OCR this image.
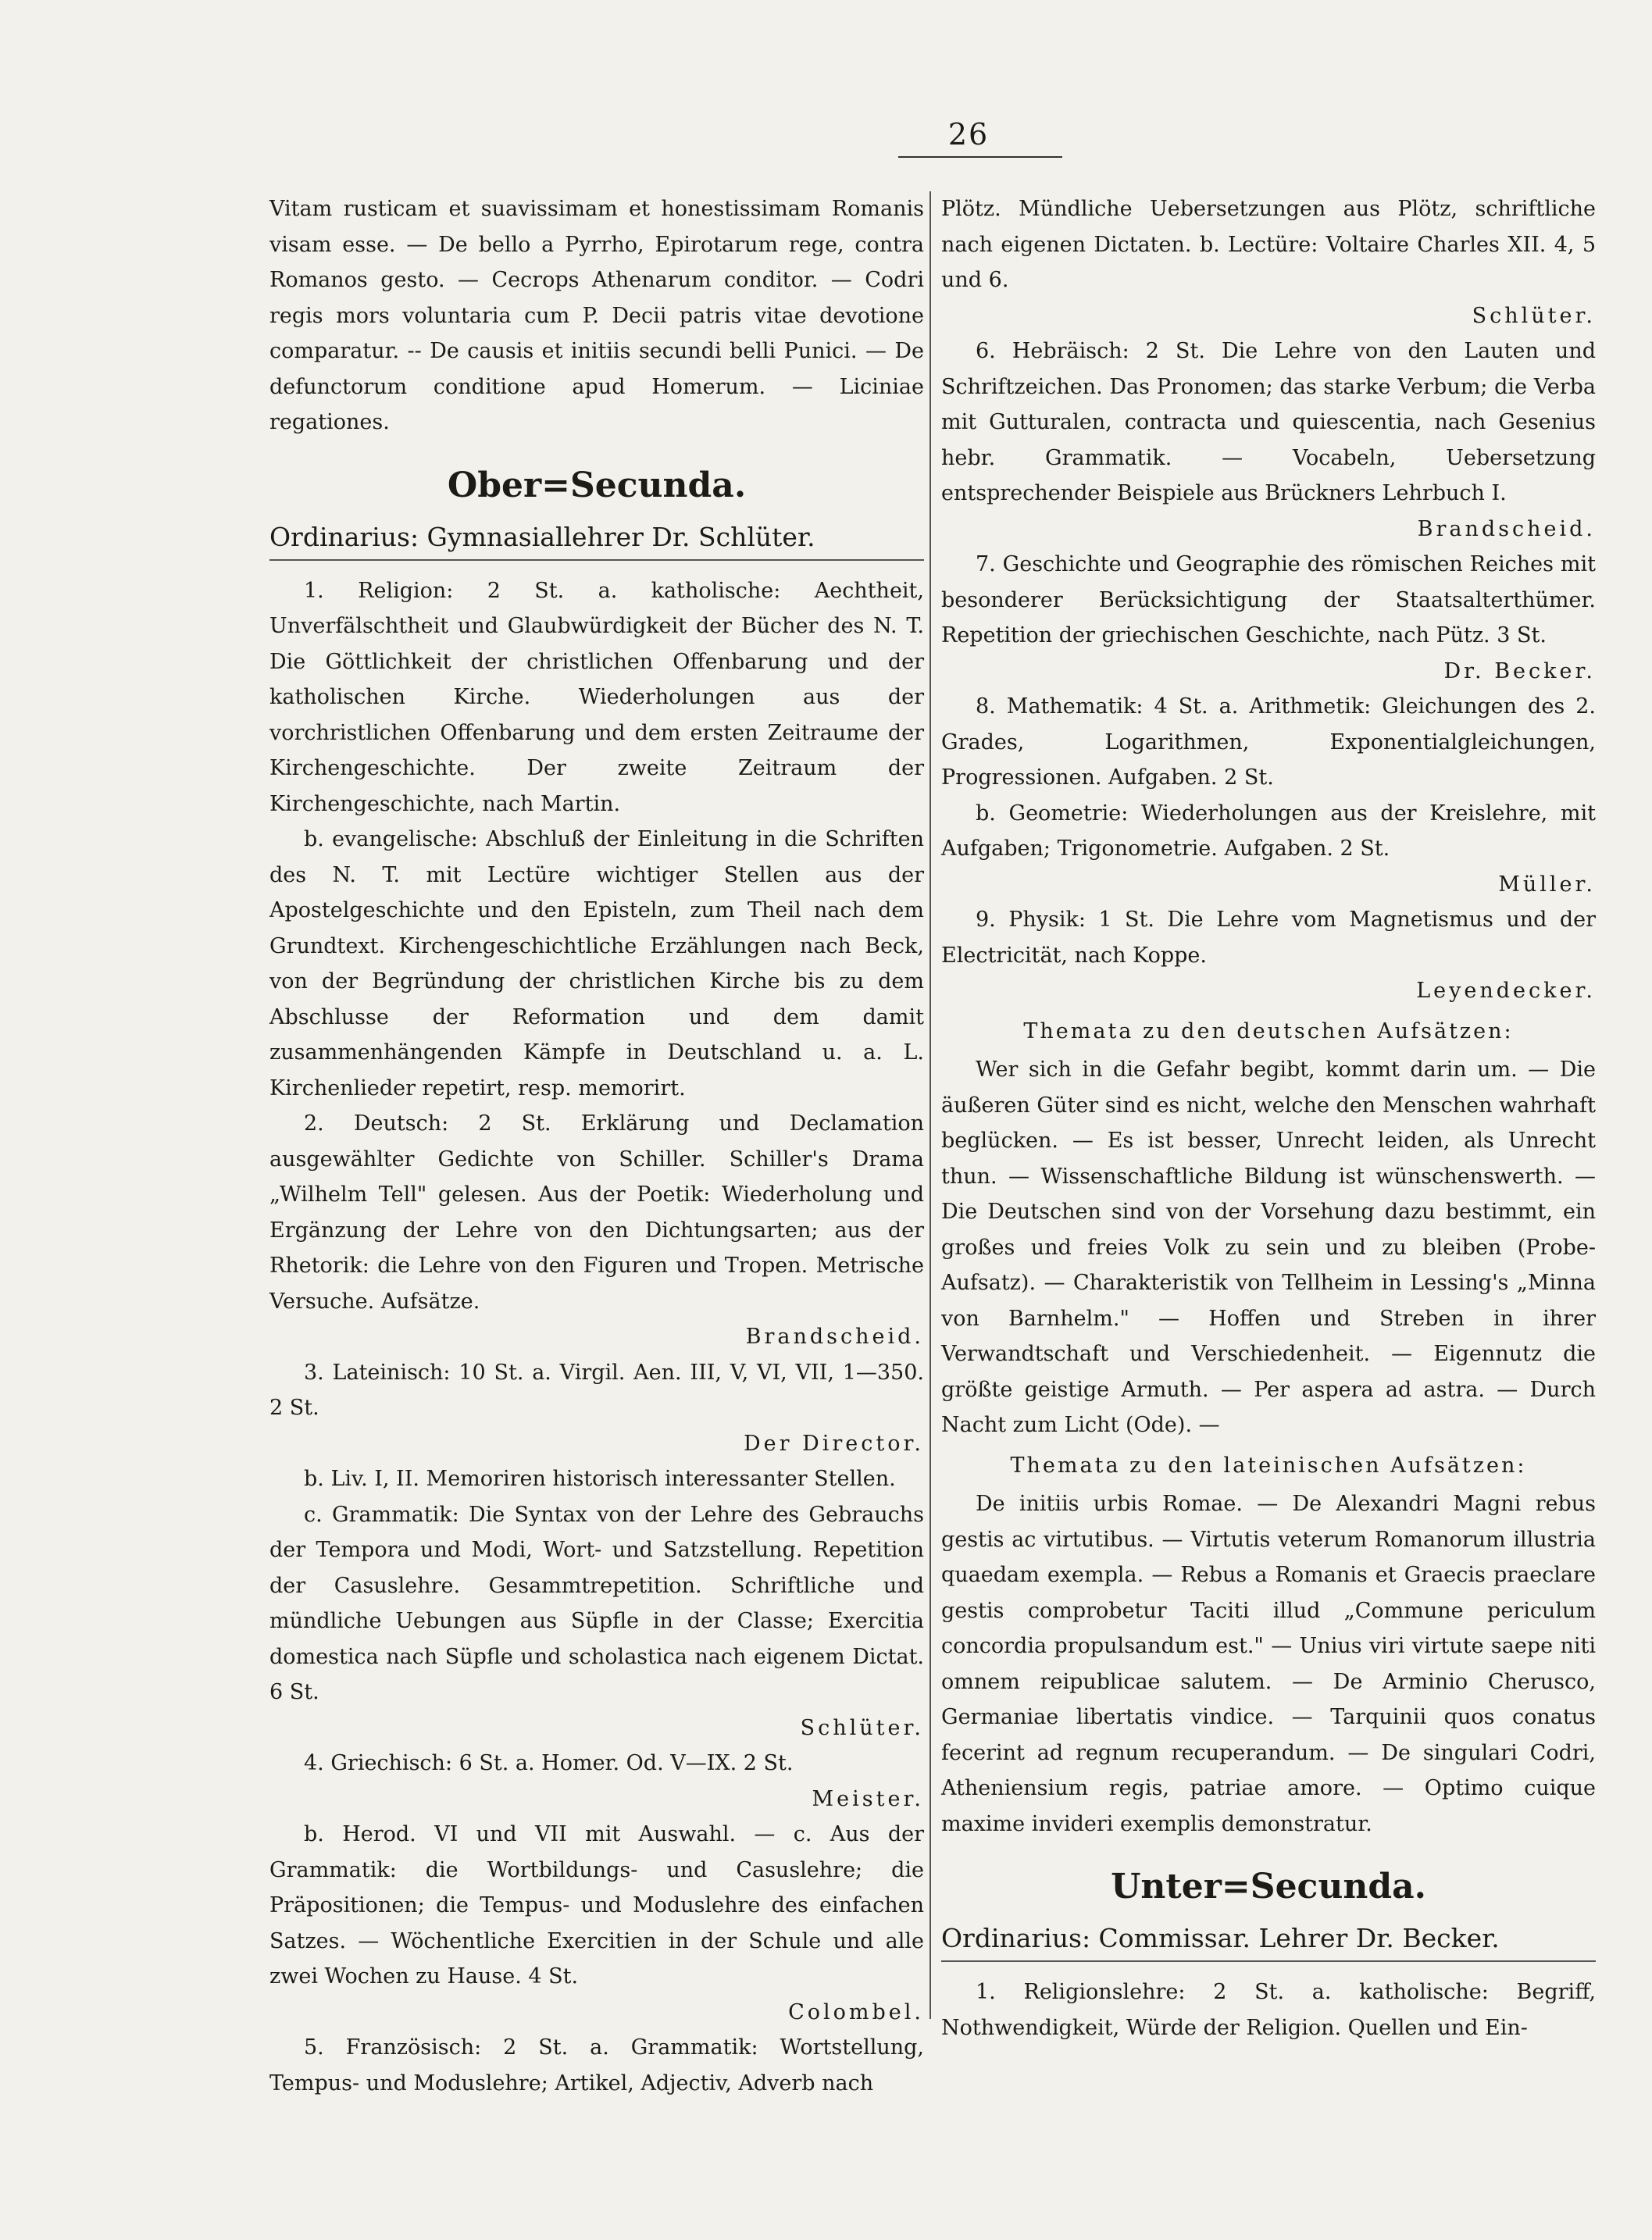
26

Vitam rusticam et suavissimam et honestissimam Romanis visam esse. — De bello a Pyrrho, Epirotarum rege, contra Romanos gesto. — Cecrops Athenarum conditor. — Codri regis mors voluntaria cum P. Decii patris vitae devotione comparatur. -- De causis et initiis secundi belli Punici. — De defunctorum conditione apud Homerum. — Liciniae regationes.

Ober=Secunda.
Ordinarius: Gymnasiallehrer Dr. Schlüter.

1. Religion: 2 St. a. katholische: Aechtheit, Unverfälschtheit und Glaubwürdigkeit der Bücher des N. T. Die Göttlichkeit der christlichen Offenbarung und der katholischen Kirche. Wiederholungen aus der vorchristlichen Offenbarung und dem ersten Zeitraume der Kirchengeschichte. Der zweite Zeitraum der Kirchengeschichte, nach Martin.

b. evangelische: Abschluß der Einleitung in die Schriften des N. T. mit Lectüre wichtiger Stellen aus der Apostelgeschichte und den Episteln, zum Theil nach dem Grundtext. Kirchengeschichtliche Erzählungen nach Beck, von der Begründung der christlichen Kirche bis zu dem Abschlusse der Reformation und dem damit zusammenhängenden Kämpfe in Deutschland u. a. L. Kirchenlieder repetirt, resp. memorirt.

2. Deutsch: 2 St. Erklärung und Declamation ausgewählter Gedichte von Schiller. Schiller's Drama „Wilhelm Tell" gelesen. Aus der Poetik: Wiederholung und Ergänzung der Lehre von den Dichtungsarten; aus der Rhetorik: die Lehre von den Figuren und Tropen. Metrische Versuche. Aufsätze.

Brandscheid.

3. Lateinisch: 10 St. a. Virgil. Aen. III, V, VI, VII, 1—350. 2 St.

Der Director.

b. Liv. I, II. Memoriren historisch interessanter Stellen.

c. Grammatik: Die Syntax von der Lehre des Gebrauchs der Tempora und Modi, Wort- und Satzstellung. Repetition der Casuslehre. Gesammtrepetition. Schriftliche und mündliche Uebungen aus Süpfle in der Classe; Exercitia domestica nach Süpfle und scholastica nach eigenem Dictat. 6 St.

Schlüter.

4. Griechisch: 6 St. a. Homer. Od. V—IX. 2 St.

Meister.

b. Herod. VI und VII mit Auswahl. — c. Aus der Grammatik: die Wortbildungs- und Casuslehre; die Präpositionen; die Tempus- und Moduslehre des einfachen Satzes. — Wöchentliche Exercitien in der Schule und alle zwei Wochen zu Hause. 4 St.

Colombel.

5. Französisch: 2 St. a. Grammatik: Wortstellung, Tempus- und Moduslehre; Artikel, Adjectiv, Adverb nach

Plötz. Mündliche Uebersetzungen aus Plötz, schriftliche nach eigenen Dictaten. b. Lectüre: Voltaire Charles XII. 4, 5 und 6.

Schlüter.

6. Hebräisch: 2 St. Die Lehre von den Lauten und Schriftzeichen. Das Pronomen; das starke Verbum; die Verba mit Gutturalen, contracta und quiescentia, nach Gesenius hebr. Grammatik. — Vocabeln, Uebersetzung entsprechender Beispiele aus Brückners Lehrbuch I.

Brandscheid.

7. Geschichte und Geographie des römischen Reiches mit besonderer Berücksichtigung der Staatsalterthümer. Repetition der griechischen Geschichte, nach Pütz. 3 St.

Dr. Becker.

8. Mathematik: 4 St. a. Arithmetik: Gleichungen des 2. Grades, Logarithmen, Exponentialgleichungen, Progressionen. Aufgaben. 2 St.

b. Geometrie: Wiederholungen aus der Kreislehre, mit Aufgaben; Trigonometrie. Aufgaben. 2 St.

Müller.

9. Physik: 1 St. Die Lehre vom Magnetismus und der Electricität, nach Koppe.

Leyendecker.

Themata zu den deutschen Aufsätzen:

Wer sich in die Gefahr begibt, kommt darin um. — Die äußeren Güter sind es nicht, welche den Menschen wahrhaft beglücken. — Es ist besser, Unrecht leiden, als Unrecht thun. — Wissenschaftliche Bildung ist wünschenswerth. — Die Deutschen sind von der Vorsehung dazu bestimmt, ein großes und freies Volk zu sein und zu bleiben (Probe-Aufsatz). — Charakteristik von Tellheim in Lessing's „Minna von Barnhelm." — Hoffen und Streben in ihrer Verwandtschaft und Verschiedenheit. — Eigennutz die größte geistige Armuth. — Per aspera ad astra. — Durch Nacht zum Licht (Ode). —

Themata zu den lateinischen Aufsätzen:

De initiis urbis Romae. — De Alexandri Magni rebus gestis ac virtutibus. — Virtutis veterum Romanorum illustria quaedam exempla. — Rebus a Romanis et Graecis praeclare gestis comprobetur Taciti illud „Commune periculum concordia propulsandum est." — Unius viri virtute saepe niti omnem reipublicae salutem. — De Arminio Cherusco, Germaniae libertatis vindice. — Tarquinii quos conatus fecerint ad regnum recuperandum. — De singulari Codri, Atheniensium regis, patriae amore. — Optimo cuique maxime invideri exemplis demonstratur.

Unter=Secunda.
Ordinarius: Commissar. Lehrer Dr. Becker.

1. Religionslehre: 2 St. a. katholische: Begriff, Nothwendigkeit, Würde der Religion. Quellen und Ein-
